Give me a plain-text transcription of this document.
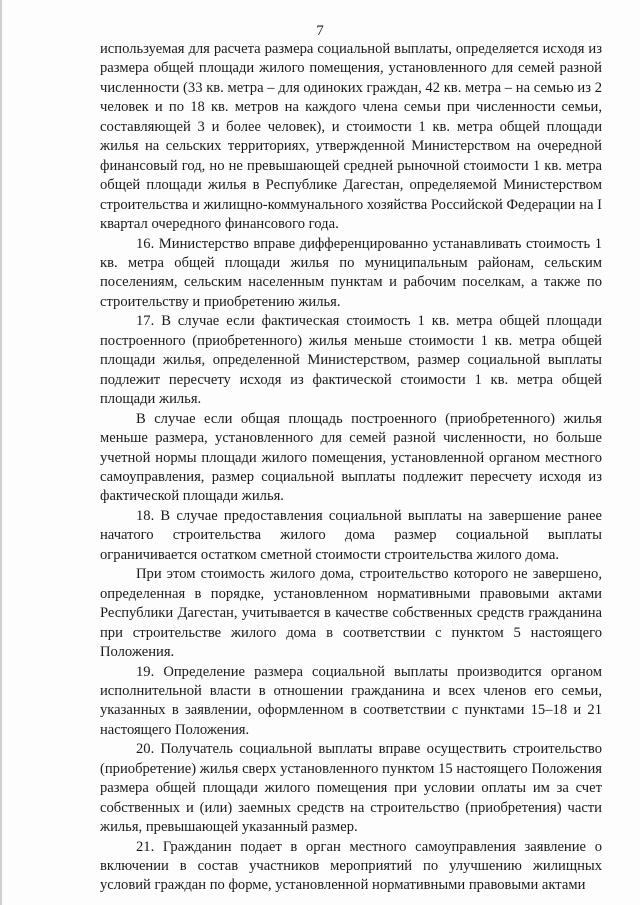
7

используемая для расчета размера социальной выплаты, определяется исходя из размера общей площади жилого помещения, установленного для семей разной численности (33 кв. метра – для одиноких граждан, 42 кв. метра – на семью из 2 человек и по 18 кв. метров на каждого члена семьи при численности семьи, составляющей 3 и более человек), и стоимости 1 кв. метра общей площади жилья на сельских территориях, утвержденной Министерством на очередной финансовый год, но не превышающей средней рыночной стоимости 1 кв. метра общей площади жилья в Республике Дагестан, определяемой Министерством строительства и жилищно-коммунального хозяйства Российской Федерации на I квартал очередного финансового года.

16. Министерство вправе дифференцированно устанавливать стоимость 1 кв. метра общей площади жилья по муниципальным районам, сельским поселениям, сельским населенным пунктам и рабочим поселкам, а также по строительству и приобретению жилья.

17. В случае если фактическая стоимость 1 кв. метра общей площади построенного (приобретенного) жилья меньше стоимости 1 кв. метра общей площади жилья, определенной Министерством, размер социальной выплаты подлежит пересчету исходя из фактической стоимости 1 кв. метра общей площади жилья.

В случае если общая площадь построенного (приобретенного) жилья меньше размера, установленного для семей разной численности, но больше учетной нормы площади жилого помещения, установленной органом местного самоуправления, размер социальной выплаты подлежит пересчету исходя из фактической площади жилья.

18. В случае предоставления социальной выплаты на завершение ранее начатого строительства жилого дома размер социальной выплаты ограничивается остатком сметной стоимости строительства жилого дома.

При этом стоимость жилого дома, строительство которого не завершено, определенная в порядке, установленном нормативными правовыми актами Республики Дагестан, учитывается в качестве собственных средств гражданина при строительстве жилого дома в соответствии с пунктом 5 настоящего Положения.

19. Определение размера социальной выплаты производится органом исполнительной власти в отношении гражданина и всех членов его семьи, указанных в заявлении, оформленном в соответствии с пунктами 15–18 и 21 настоящего Положения.

20. Получатель социальной выплаты вправе осуществить строительство (приобретение) жилья сверх установленного пунктом 15 настоящего Положения размера общей площади жилого помещения при условии оплаты им за счет собственных и (или) заемных средств на строительство (приобретения) части жилья, превышающей указанный размер.

21. Гражданин подает в орган местного самоуправления заявление о включении в состав участников мероприятий по улучшению жилищных условий граждан по форме, установленной нормативными правовыми актами
